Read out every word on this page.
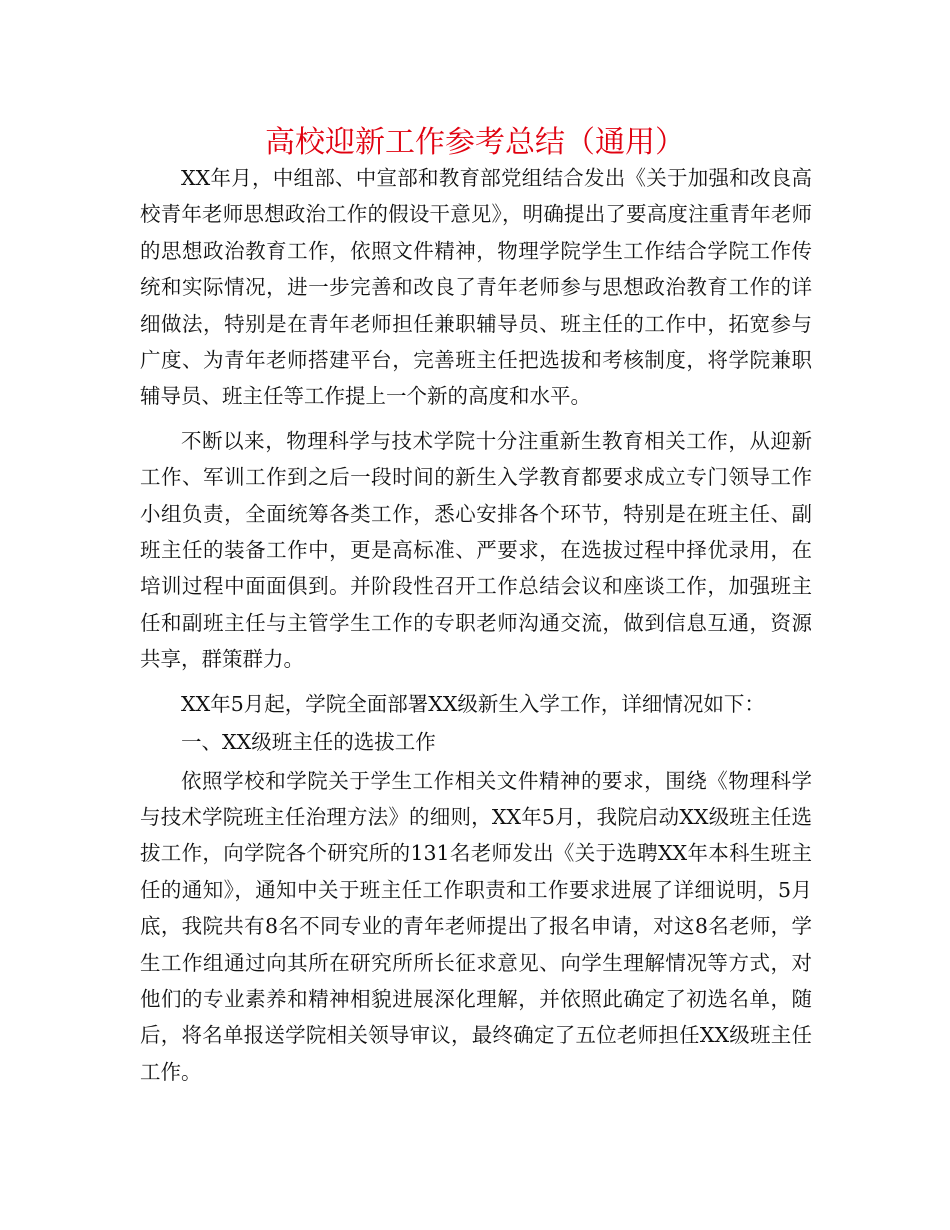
高校迎新工作参考总结（通用）

XX年月，中组部、中宣部和教育部党组结合发出《关于加强和改良高校青年老师思想政治工作的假设干意见》，明确提出了要高度注重青年老师的思想政治教育工作，依照文件精神，物理学院学生工作结合学院工作传统和实际情况，进一步完善和改良了青年老师参与思想政治教育工作的详细做法，特别是在青年老师担任兼职辅导员、班主任的工作中，拓宽参与广度、为青年老师搭建平台，完善班主任把选拔和考核制度，将学院兼职辅导员、班主任等工作提上一个新的高度和水平。

不断以来，物理科学与技术学院十分注重新生教育相关工作，从迎新工作、军训工作到之后一段时间的新生入学教育都要求成立专门领导工作小组负责，全面统筹各类工作，悉心安排各个环节，特别是在班主任、副班主任的装备工作中，更是高标准、严要求，在选拔过程中择优录用，在培训过程中面面俱到。并阶段性召开工作总结会议和座谈工作，加强班主任和副班主任与主管学生工作的专职老师沟通交流，做到信息互通，资源共享，群策群力。

XX年5月起，学院全面部署XX级新生入学工作，详细情况如下：

一、XX级班主任的选拔工作

依照学校和学院关于学生工作相关文件精神的要求，围绕《物理科学与技术学院班主任治理方法》的细则，XX年5月，我院启动XX级班主任选拔工作，向学院各个研究所的131名老师发出《关于选聘XX年本科生班主任的通知》，通知中关于班主任工作职责和工作要求进展了详细说明，5月底，我院共有8名不同专业的青年老师提出了报名申请，对这8名老师，学生工作组通过向其所在研究所所长征求意见、向学生理解情况等方式，对他们的专业素养和精神相貌进展深化理解，并依照此确定了初选名单，随后，将名单报送学院相关领导审议，最终确定了五位老师担任XX级班主任工作。
